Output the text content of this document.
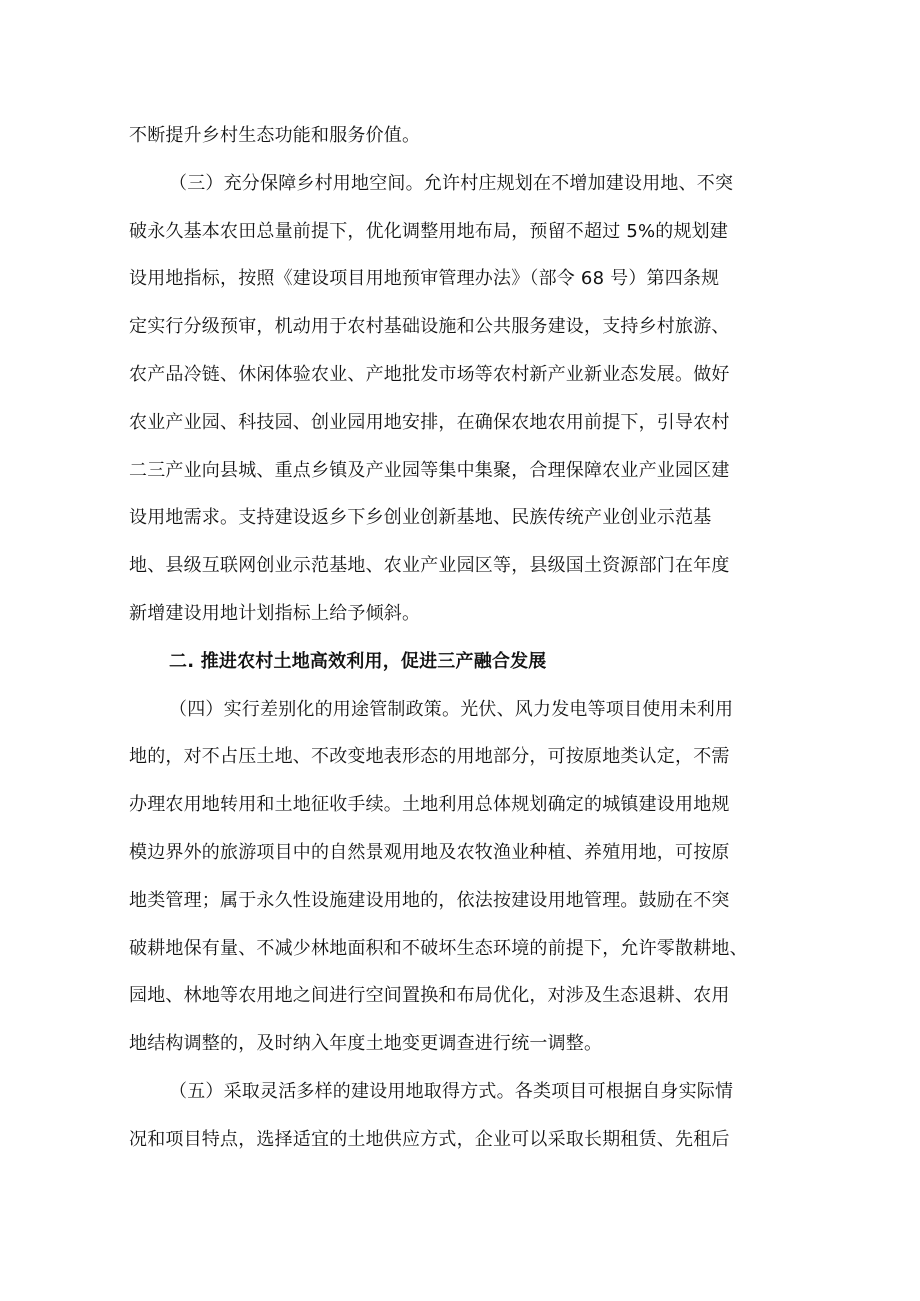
不断提升乡村生态功能和服务价值。
（三）充分保障乡村用地空间。允许村庄规划在不增加建设用地、不突
破永久基本农田总量前提下，优化调整用地布局，预留不超过 5%的规划建
设用地指标，按照《建设项目用地预审管理办法》（部令 68 号）第四条规
定实行分级预审，机动用于农村基础设施和公共服务建设，支持乡村旅游、
农产品冷链、休闲体验农业、产地批发市场等农村新产业新业态发展。做好
农业产业园、科技园、创业园用地安排，在确保农地农用前提下，引导农村
二三产业向县城、重点乡镇及产业园等集中集聚，合理保障农业产业园区建
设用地需求。支持建设返乡下乡创业创新基地、民族传统产业创业示范基
地、县级互联网创业示范基地、农业产业园区等，县级国土资源部门在年度
新增建设用地计划指标上给予倾斜。
二. 推进农村土地高效利用，促进三产融合发展
（四）实行差别化的用途管制政策。光伏、风力发电等项目使用未利用
地的，对不占压土地、不改变地表形态的用地部分，可按原地类认定，不需
办理农用地转用和土地征收手续。土地利用总体规划确定的城镇建设用地规
模边界外的旅游项目中的自然景观用地及农牧渔业种植、养殖用地，可按原
地类管理；属于永久性设施建设用地的，依法按建设用地管理。鼓励在不突
破耕地保有量、不减少林地面积和不破坏生态环境的前提下，允许零散耕地、
园地、林地等农用地之间进行空间置换和布局优化，对涉及生态退耕、农用
地结构调整的，及时纳入年度土地变更调查进行统一调整。
（五）采取灵活多样的建设用地取得方式。各类项目可根据自身实际情
况和项目特点，选择适宜的土地供应方式，企业可以采取长期租赁、先租后
